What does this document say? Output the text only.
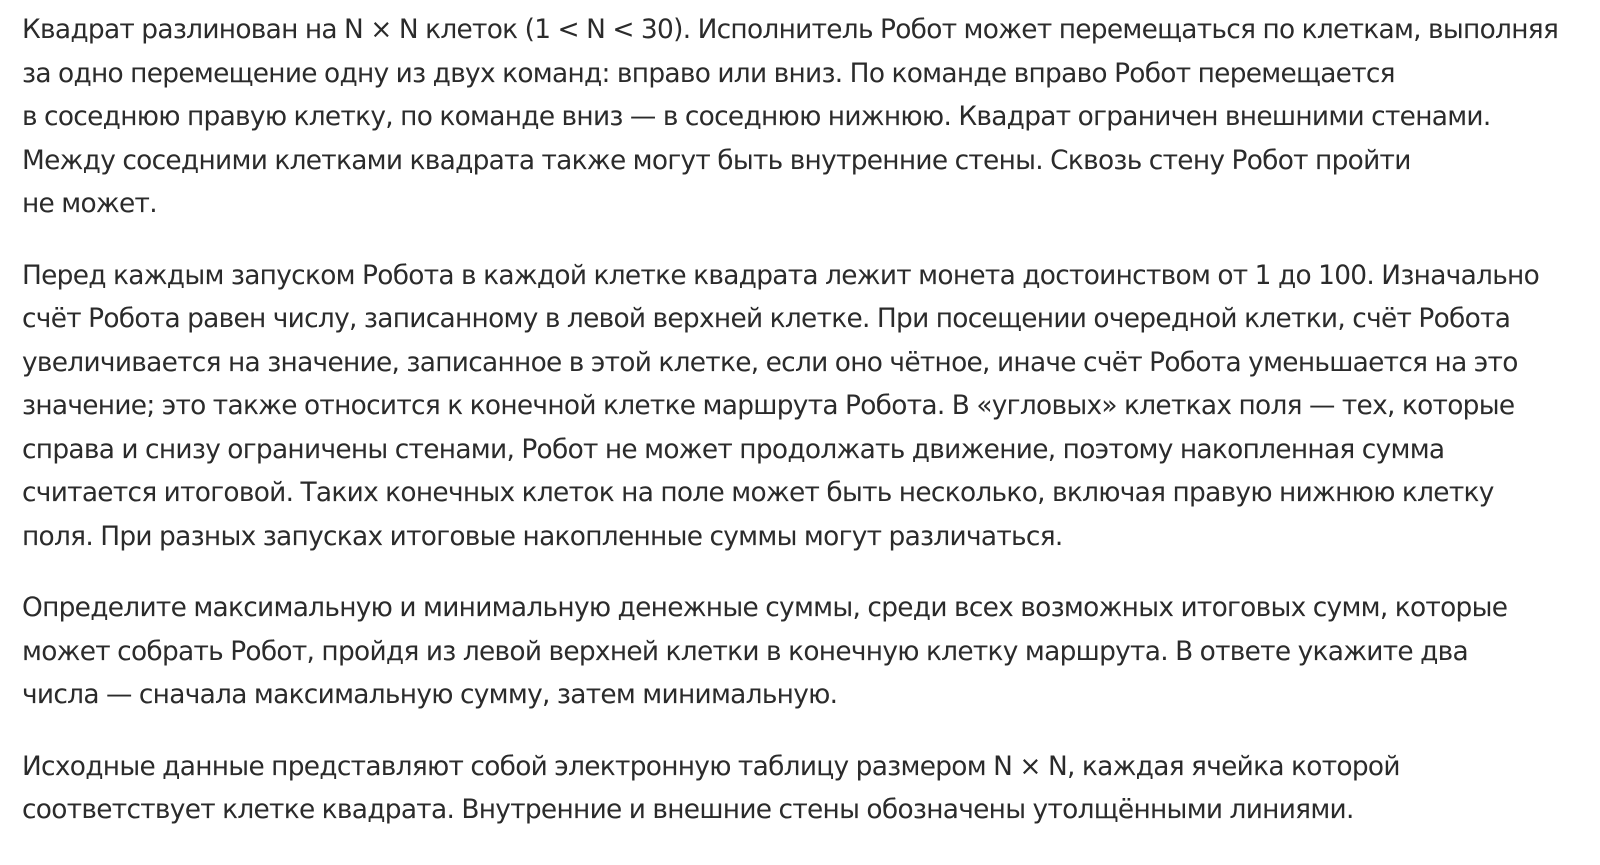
Квадрат разлинован на N × N клеток (1 < N < 30). Исполнитель Робот может перемещаться по клеткам, выполняя
за одно перемещение одну из двух команд: вправо или вниз. По команде вправо Робот перемещается
в соседнюю правую клетку, по команде вниз — в соседнюю нижнюю. Квадрат ограничен внешними стенами.
Между соседними клетками квадрата также могут быть внутренние стены. Сквозь стену Робот пройти
не может.

Перед каждым запуском Робота в каждой клетке квадрата лежит монета достоинством от 1 до 100. Изначально
счёт Робота равен числу, записанному в левой верхней клетке. При посещении очередной клетки, счёт Робота
увеличивается на значение, записанное в этой клетке, если оно чётное, иначе счёт Робота уменьшается на это
значение; это также относится к конечной клетке маршрута Робота. В «угловых» клетках поля — тех, которые
справа и снизу ограничены стенами, Робот не может продолжать движение, поэтому накопленная сумма
считается итоговой. Таких конечных клеток на поле может быть несколько, включая правую нижнюю клетку
поля. При разных запусках итоговые накопленные суммы могут различаться.

Определите максимальную и минимальную денежные суммы, среди всех возможных итоговых сумм, которые
может собрать Робот, пройдя из левой верхней клетки в конечную клетку маршрута. В ответе укажите два
числа — сначала максимальную сумму, затем минимальную.

Исходные данные представляют собой электронную таблицу размером N × N, каждая ячейка которой
соответствует клетке квадрата. Внутренние и внешние стены обозначены утолщёнными линиями.
